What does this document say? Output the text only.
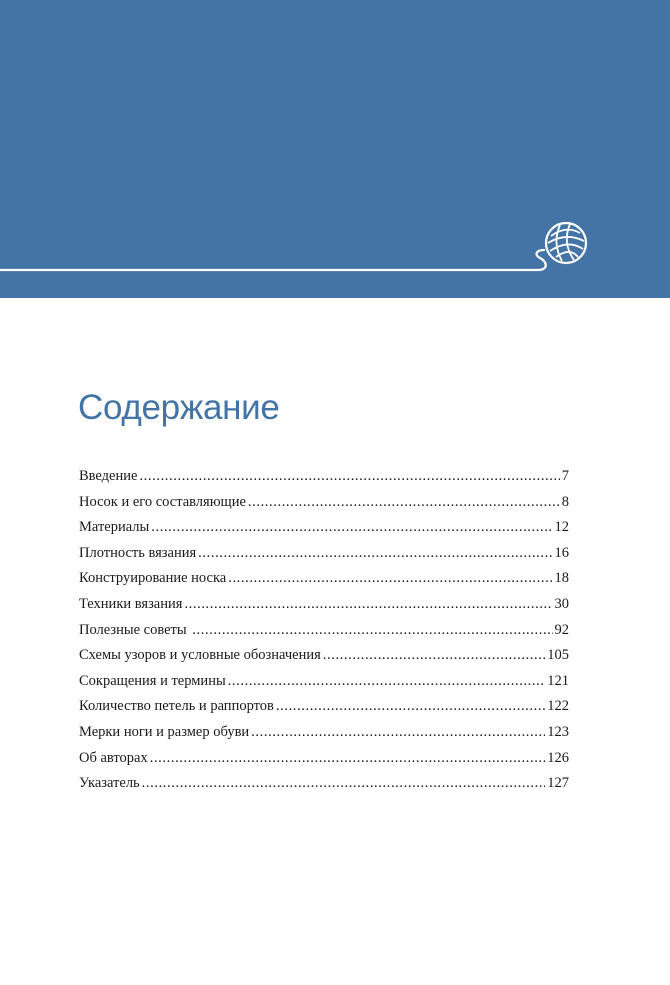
Содержание
Введение .....	7
Носок и его составляющие .....	8
Материалы .....	12
Плотность вязания .....	16
Конструирование носка .....	18
Техники вязания .....	30
Полезные советы .....	92
Схемы узоров и условные обозначения .....	105
Сокращения и термины .....	121
Количество петель и раппортов .....	122
Мерки ноги и размер обуви .....	123
Об авторах .....	126
Указатель .....	127
